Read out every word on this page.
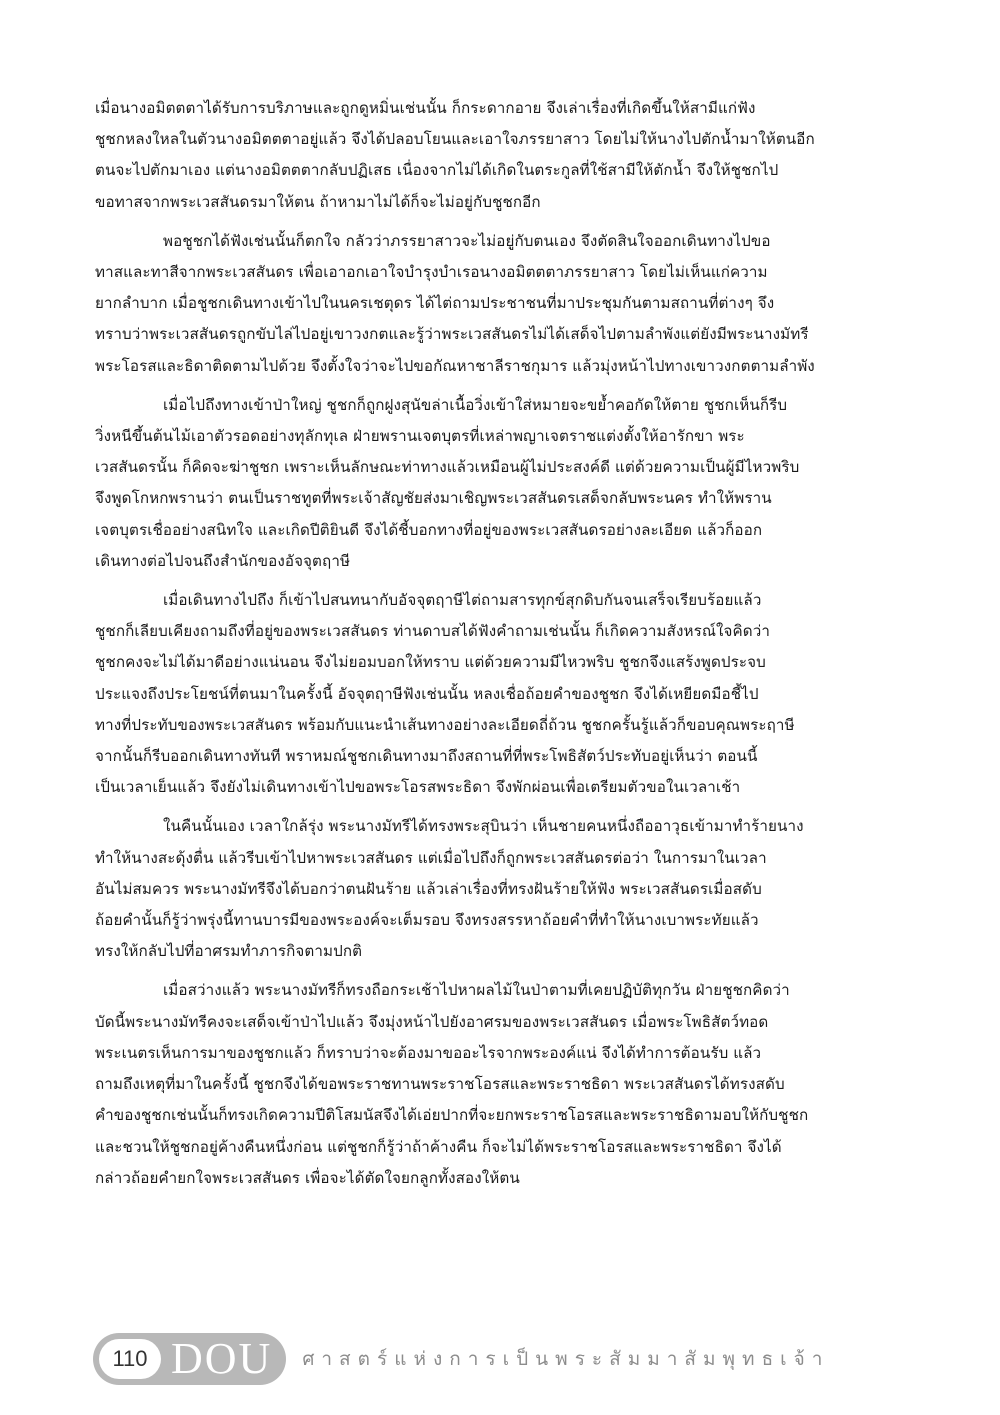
เมื่อนางอมิตตตาได้รับการบริภาษและถูกดูหมิ่นเช่นนั้น ก็กระดากอาย จึงเล่าเรื่องที่เกิดขึ้นให้สามีแก่ฟัง
ชูชกหลงใหลในตัวนางอมิตตตาอยู่แล้ว จึงได้ปลอบโยนและเอาใจภรรยาสาว โดยไม่ให้นางไปตักน้ำมาให้ตนอีก
ตนจะไปตักมาเอง แต่นางอมิตตตากลับปฏิเสธ เนื่องจากไม่ได้เกิดในตระกูลที่ใช้สามีให้ตักน้ำ จึงให้ชูชกไป
ขอทาสจากพระเวสสันดรมาให้ตน ถ้าหามาไม่ได้ก็จะไม่อยู่กับชูชกอีก

พอชูชกได้ฟังเช่นนั้นก็ตกใจ กลัวว่าภรรยาสาวจะไม่อยู่กับตนเอง จึงตัดสินใจออกเดินทางไปขอ
ทาสและทาสีจากพระเวสสันดร เพื่อเอาอกเอาใจบำรุงบำเรอนางอมิตตตาภรรยาสาว โดยไม่เห็นแก่ความ
ยากลำบาก เมื่อชูชกเดินทางเข้าไปในนครเชตุดร ได้ไต่ถามประชาชนที่มาประชุมกันตามสถานที่ต่างๆ จึง
ทราบว่าพระเวสสันดรถูกขับไล่ไปอยู่เขาวงกตและรู้ว่าพระเวสสันดรไม่ได้เสด็จไปตามลำพังแต่ยังมีพระนางมัทรี
พระโอรสและธิดาติดตามไปด้วย จึงตั้งใจว่าจะไปขอกัณหาชาลีราชกุมาร แล้วมุ่งหน้าไปทางเขาวงกตตามลำพัง

เมื่อไปถึงทางเข้าป่าใหญ่ ชูชกก็ถูกฝูงสุนัขล่าเนื้อวิ่งเข้าใส่หมายจะขย้ำคอกัดให้ตาย ชูชกเห็นก็รีบ
วิ่งหนีขึ้นต้นไม้เอาตัวรอดอย่างทุลักทุเล ฝ่ายพรานเจตบุตรที่เหล่าพญาเจตราชแต่งตั้งให้อารักขา พระ
เวสสันดรนั้น ก็คิดจะฆ่าชูชก เพราะเห็นลักษณะท่าทางแล้วเหมือนผู้ไม่ประสงค์ดี แต่ด้วยความเป็นผู้มีไหวพริบ
จึงพูดโกหกพรานว่า ตนเป็นราชทูตที่พระเจ้าสัญชัยส่งมาเชิญพระเวสสันดรเสด็จกลับพระนคร ทำให้พราน
เจตบุตรเชื่ออย่างสนิทใจ และเกิดปีติยินดี จึงได้ชี้บอกทางที่อยู่ของพระเวสสันดรอย่างละเอียด แล้วก็ออก
เดินทางต่อไปจนถึงสำนักของอัจจุตฤาษี

เมื่อเดินทางไปถึง ก็เข้าไปสนทนากับอัจจุตฤาษีไต่ถามสารทุกข์สุกดิบกันจนเสร็จเรียบร้อยแล้ว
ชูชกก็เลียบเคียงถามถึงที่อยู่ของพระเวสสันดร ท่านดาบสได้ฟังคำถามเช่นนั้น ก็เกิดความสังหรณ์ใจคิดว่า
ชูชกคงจะไม่ได้มาดีอย่างแน่นอน จึงไม่ยอมบอกให้ทราบ แต่ด้วยความมีไหวพริบ ชูชกจึงแสร้งพูดประจบ
ประแจงถึงประโยชน์ที่ตนมาในครั้งนี้ อัจจุตฤาษีฟังเช่นนั้น หลงเชื่อถ้อยคำของชูชก จึงได้เหยียดมือชี้ไป
ทางที่ประทับของพระเวสสันดร พร้อมกับแนะนำเส้นทางอย่างละเอียดถี่ถ้วน ชูชกครั้นรู้แล้วก็ขอบคุณพระฤาษี
จากนั้นก็รีบออกเดินทางทันที พราหมณ์ชูชกเดินทางมาถึงสถานที่ที่พระโพธิสัตว์ประทับอยู่เห็นว่า ตอนนี้
เป็นเวลาเย็นแล้ว จึงยังไม่เดินทางเข้าไปขอพระโอรสพระธิดา จึงพักผ่อนเพื่อเตรียมตัวขอในเวลาเช้า

ในคืนนั้นเอง เวลาใกล้รุ่ง พระนางมัทรีได้ทรงพระสุบินว่า เห็นชายคนหนึ่งถืออาวุธเข้ามาทำร้ายนาง
ทำให้นางสะดุ้งตื่น แล้วรีบเข้าไปหาพระเวสสันดร แต่เมื่อไปถึงก็ถูกพระเวสสันดรต่อว่า ในการมาในเวลา
อันไม่สมควร พระนางมัทรีจึงได้บอกว่าตนฝันร้าย แล้วเล่าเรื่องที่ทรงฝันร้ายให้ฟัง พระเวสสันดรเมื่อสดับ
ถ้อยคำนั้นก็รู้ว่าพรุ่งนี้ทานบารมีของพระองค์จะเต็มรอบ จึงทรงสรรหาถ้อยคำที่ทำให้นางเบาพระทัยแล้ว
ทรงให้กลับไปที่อาศรมทำภารกิจตามปกติ

เมื่อสว่างแล้ว พระนางมัทรีก็ทรงถือกระเช้าไปหาผลไม้ในป่าตามที่เคยปฏิบัติทุกวัน ฝ่ายชูชกคิดว่า
บัดนี้พระนางมัทรีคงจะเสด็จเข้าป่าไปแล้ว จึงมุ่งหน้าไปยังอาศรมของพระเวสสันดร เมื่อพระโพธิสัตว์ทอด
พระเนตรเห็นการมาของชูชกแล้ว ก็ทราบว่าจะต้องมาขออะไรจากพระองค์แน่ จึงได้ทำการต้อนรับ แล้ว
ถามถึงเหตุที่มาในครั้งนี้ ชูชกจึงได้ขอพระราชทานพระราชโอรสและพระราชธิดา พระเวสสันดรได้ทรงสดับ
คำของชูชกเช่นนั้นก็ทรงเกิดความปีติโสมนัสจึงได้เอ่ยปากที่จะยกพระราชโอรสและพระราชธิดามอบให้กับชูชก
และชวนให้ชูชกอยู่ค้างคืนหนึ่งก่อน แต่ชูชกก็รู้ว่าถ้าค้างคืน ก็จะไม่ได้พระราชโอรสและพระราชธิดา จึงได้
กล่าวถ้อยคำยกใจพระเวสสันดร เพื่อจะได้ตัดใจยกลูกทั้งสองให้ตน

110 DOU ศาสตร์แห่งการเป็นพระสัมมาสัมพุทธเจ้า
